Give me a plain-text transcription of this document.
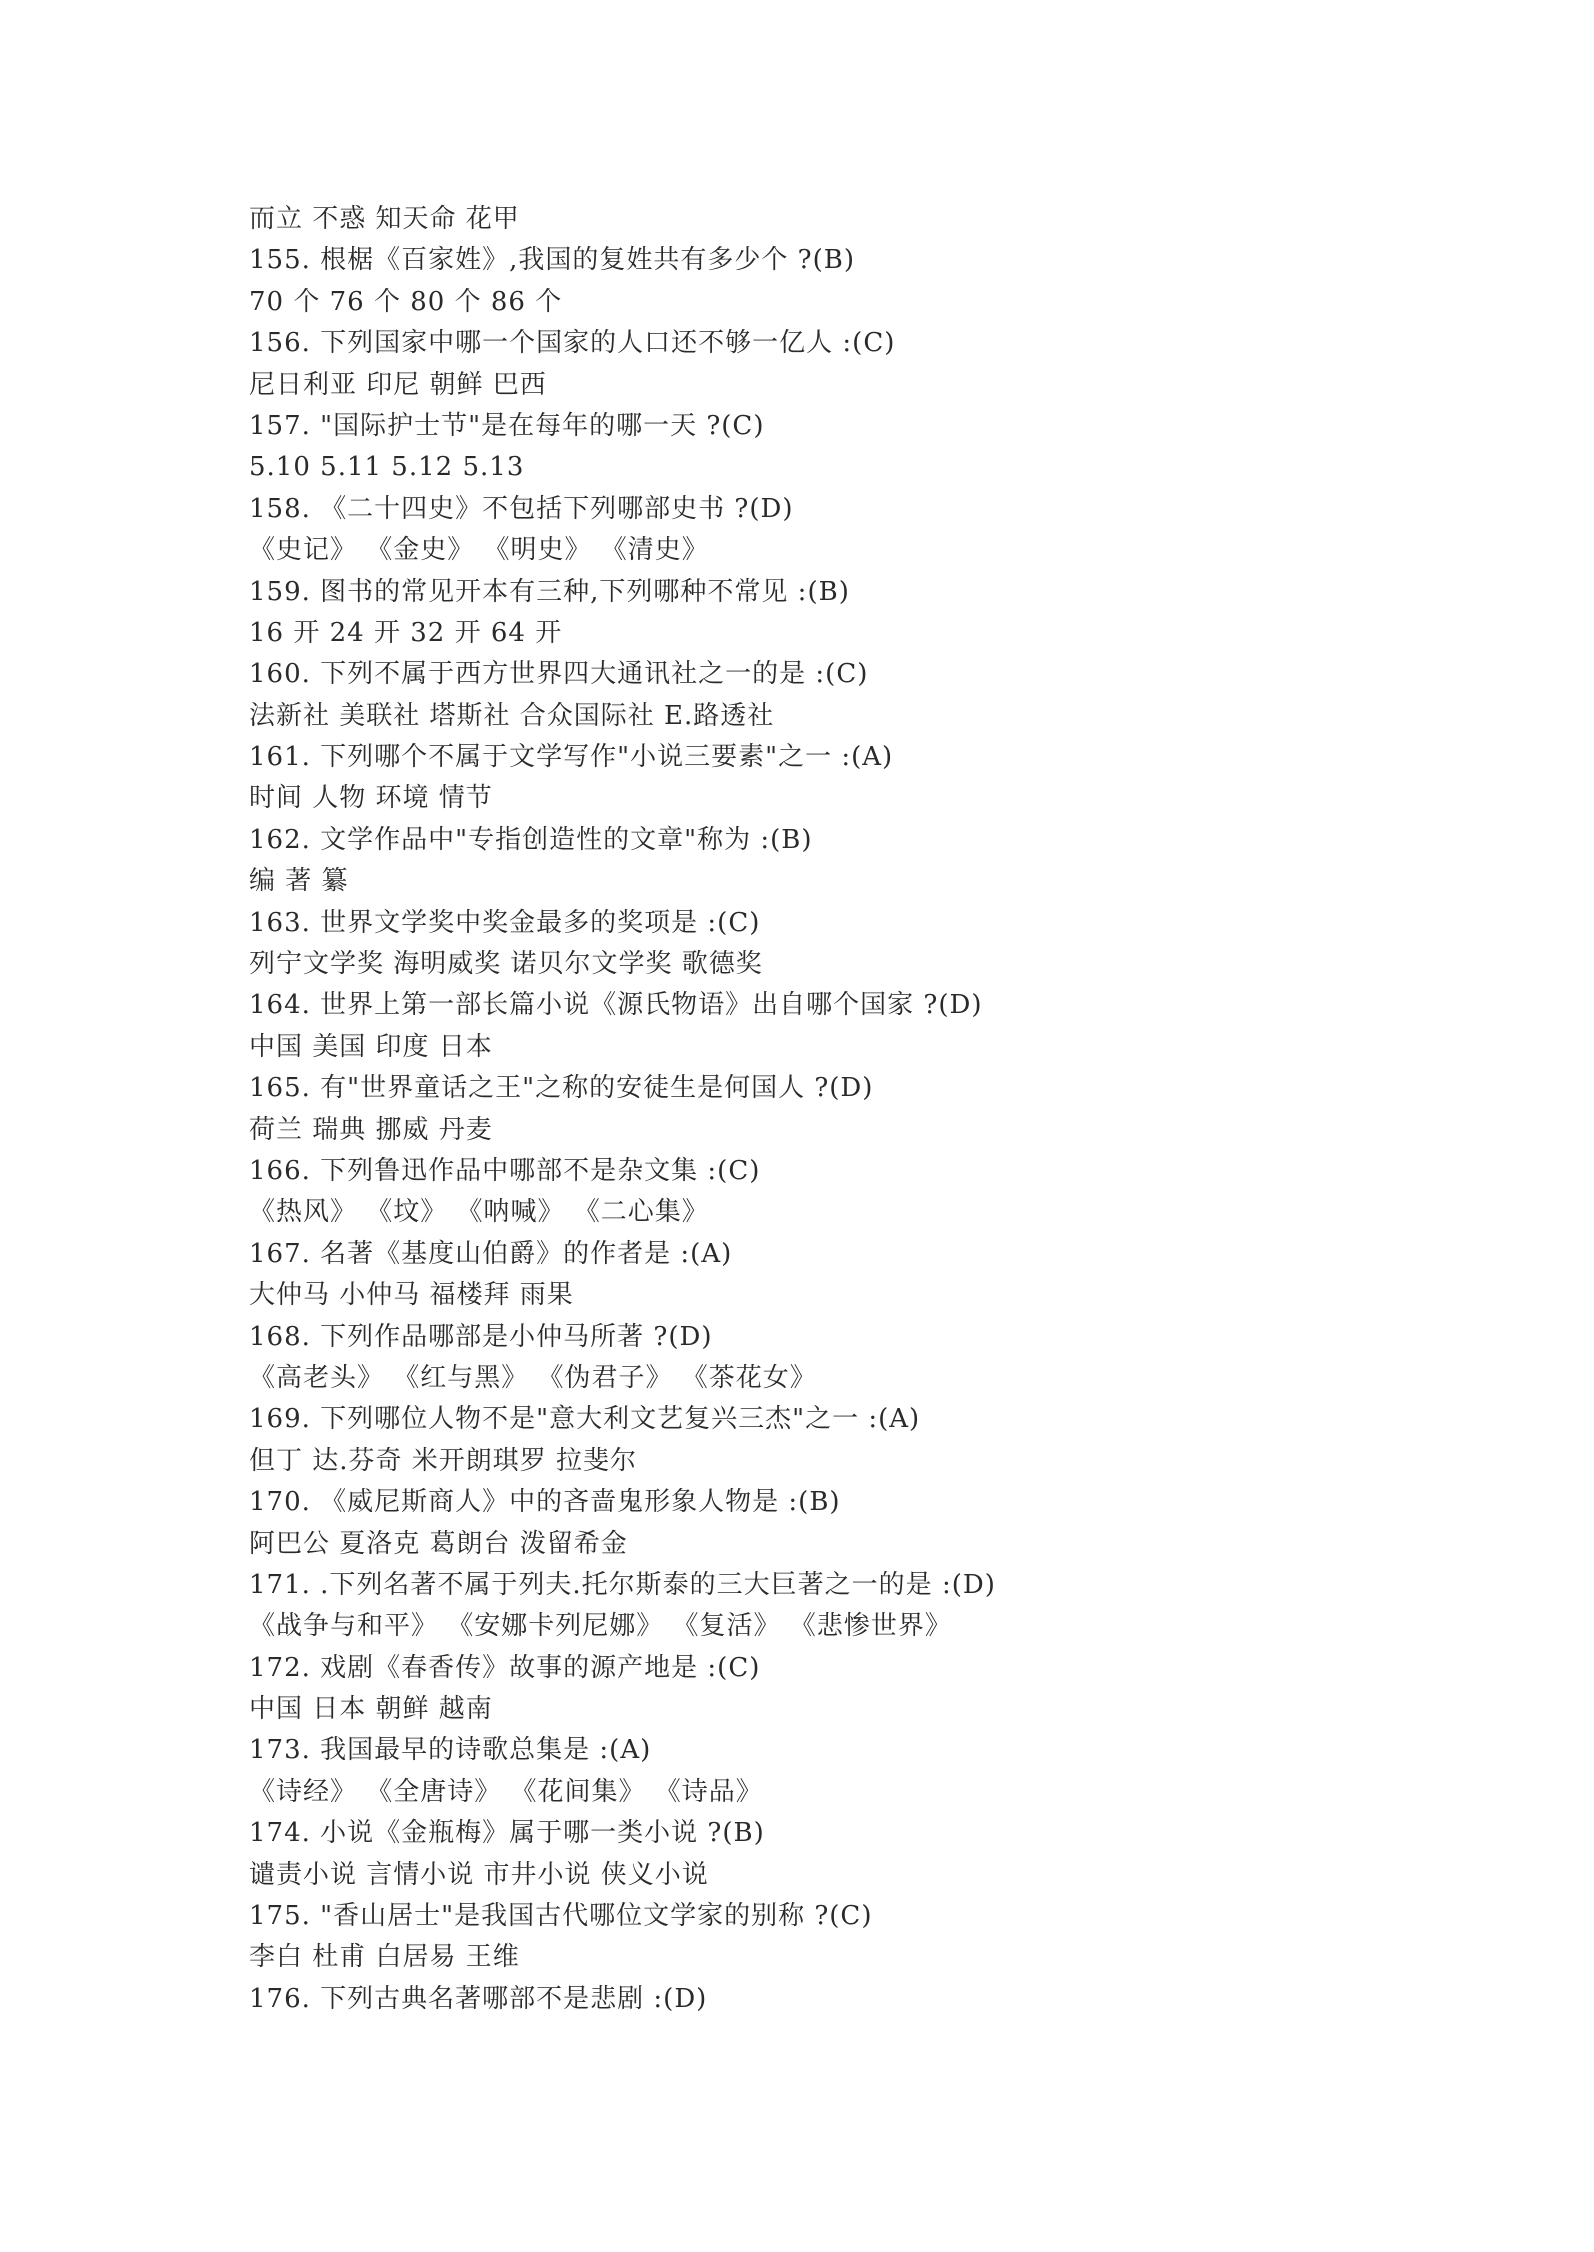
而立 不惑 知天命 花甲
155. 根椐《百家姓》,我国的复姓共有多少个 ?(B)
70 个 76 个 80 个 86 个
156. 下列国家中哪一个国家的人口还不够一亿人 :(C)
尼日利亚 印尼 朝鲜 巴西
157. "国际护士节"是在每年的哪一天 ?(C)
5.10 5.11 5.12 5.13
158. 《二十四史》不包括下列哪部史书 ?(D)
《史记》 《金史》 《明史》 《清史》
159. 图书的常见开本有三种,下列哪种不常见 :(B)
16 开 24 开 32 开 64 开
160. 下列不属于西方世界四大通讯社之一的是 :(C)
法新社 美联社 塔斯社 合众国际社 E.路透社
161. 下列哪个不属于文学写作"小说三要素"之一 :(A)
时间 人物 环境 情节
162. 文学作品中"专指创造性的文章"称为 :(B)
编 著 纂
163. 世界文学奖中奖金最多的奖项是 :(C)
列宁文学奖 海明威奖 诺贝尔文学奖 歌德奖
164. 世界上第一部长篇小说《源氏物语》出自哪个国家 ?(D)
中国 美国 印度 日本
165. 有"世界童话之王"之称的安徒生是何国人 ?(D)
荷兰 瑞典 挪威 丹麦
166. 下列鲁迅作品中哪部不是杂文集 :(C)
《热风》 《坟》 《呐喊》 《二心集》
167. 名著《基度山伯爵》的作者是 :(A)
大仲马 小仲马 福楼拜 雨果
168. 下列作品哪部是小仲马所著 ?(D)
《高老头》 《红与黑》 《伪君子》 《茶花女》
169. 下列哪位人物不是"意大利文艺复兴三杰"之一 :(A)
但丁 达.芬奇 米开朗琪罗 拉斐尔
170. 《威尼斯商人》中的吝啬鬼形象人物是 :(B)
阿巴公 夏洛克 葛朗台 泼留希金
171. .下列名著不属于列夫.托尔斯泰的三大巨著之一的是 :(D)
《战争与和平》 《安娜卡列尼娜》 《复活》 《悲惨世界》
172. 戏剧《春香传》故事的源产地是 :(C)
中国 日本 朝鲜 越南
173. 我国最早的诗歌总集是 :(A)
《诗经》 《全唐诗》 《花间集》 《诗品》
174. 小说《金瓶梅》属于哪一类小说 ?(B)
谴责小说 言情小说 市井小说 侠义小说
175. "香山居士"是我国古代哪位文学家的别称 ?(C)
李白 杜甫 白居易 王维
176. 下列古典名著哪部不是悲剧 :(D)
